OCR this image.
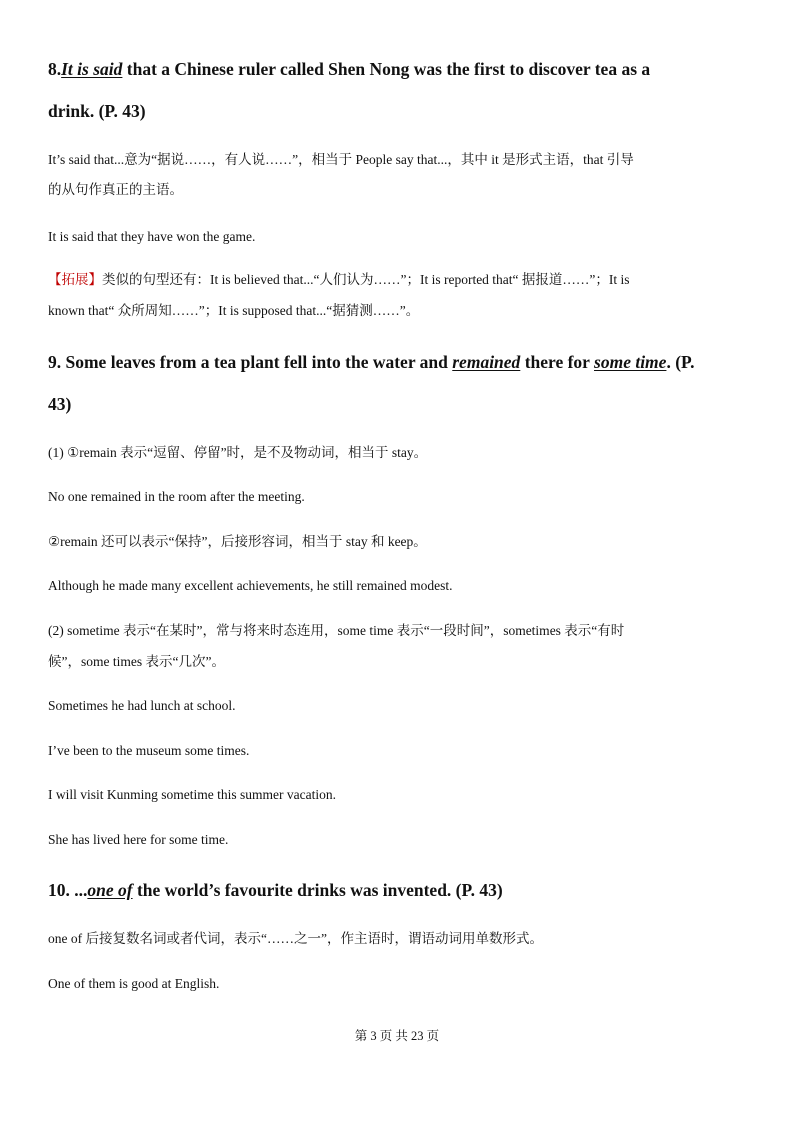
8.It is said that a Chinese ruler called Shen Nong was the first to discover tea as a
drink. (P. 43)
It’s said that...意为“据说……，有人说……”，相当于 People say that...，其中 it 是形式主语，that 引导
的从句作真正的主语。
It is said that they have won the game.
【拓展】类似的句型还有：It is believed that...“人们认为……”；It is reported that“ 据报道……”；It is
known that“ 众所周知……”；It is supposed that...“据猜测……”。
9. Some leaves from a tea plant fell into the water and remained there for some time. (P.
43)
(1) ①remain 表示“逗留、停留”时，是不及物动词，相当于 stay。
No one remained in the room after the meeting.
②remain 还可以表示“保持”，后接形容词，相当于 stay 和 keep。
Although he made many excellent achievements, he still remained modest.
(2) sometime 表示“在某时”，常与将来时态连用，some time 表示“一段时间”，sometimes 表示“有时
候”，some times 表示“几次”。
Sometimes he had lunch at school.
I’ve been to the museum some times.
I will visit Kunming sometime this summer vacation.
She has lived here for some time.
10. ...one of the world’s favourite drinks was invented. (P. 43)
one of 后接复数名词或者代词，表示“……之一”，作主语时，谓语动词用单数形式。
One of them is good at English.
第 3 页 共 23 页
